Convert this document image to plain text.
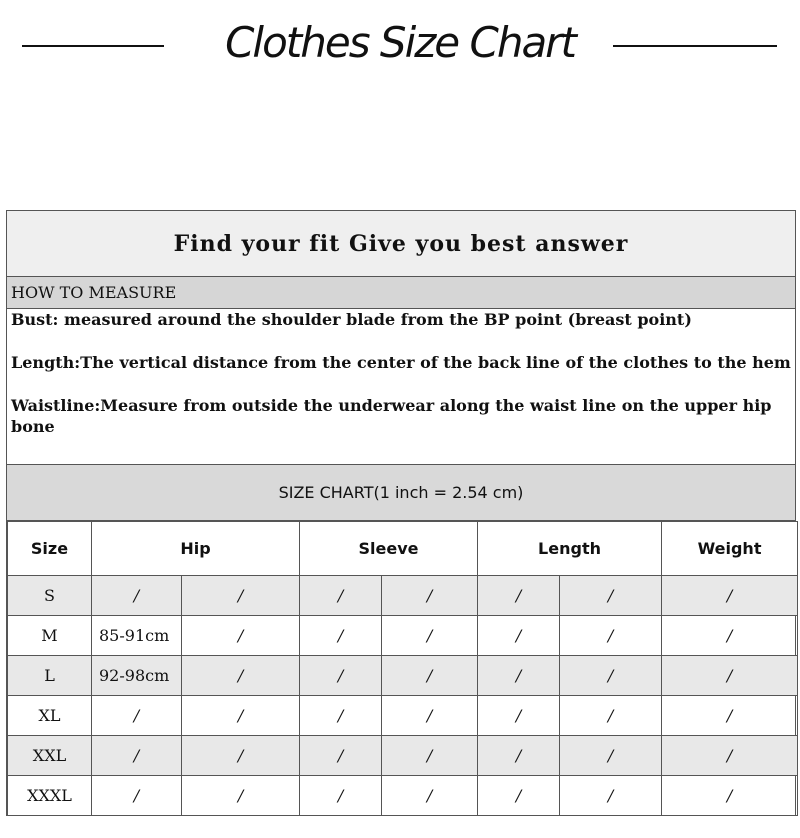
Clothes Size Chart
Find your fit Give you best answer
HOW TO MEASURE

Bust: measured around the shoulder blade from the BP point (breast point)

Length:The vertical distance from the center of the back line of the clothes to the hem

Waistline:Measure from outside the underwear along the waist line on the upper hip bone

SIZE CHART(1 inch = 2.54 cm)
Size	Hip		Sleeve		Length		Weight
S	/	/	/	/	/	/	/
M	85-91cm	/	/	/	/	/	/
L	92-98cm	/	/	/	/	/	/
XL	/	/	/	/	/	/	/
XXL	/	/	/	/	/	/	/
XXXL	/	/	/	/	/	/	/
